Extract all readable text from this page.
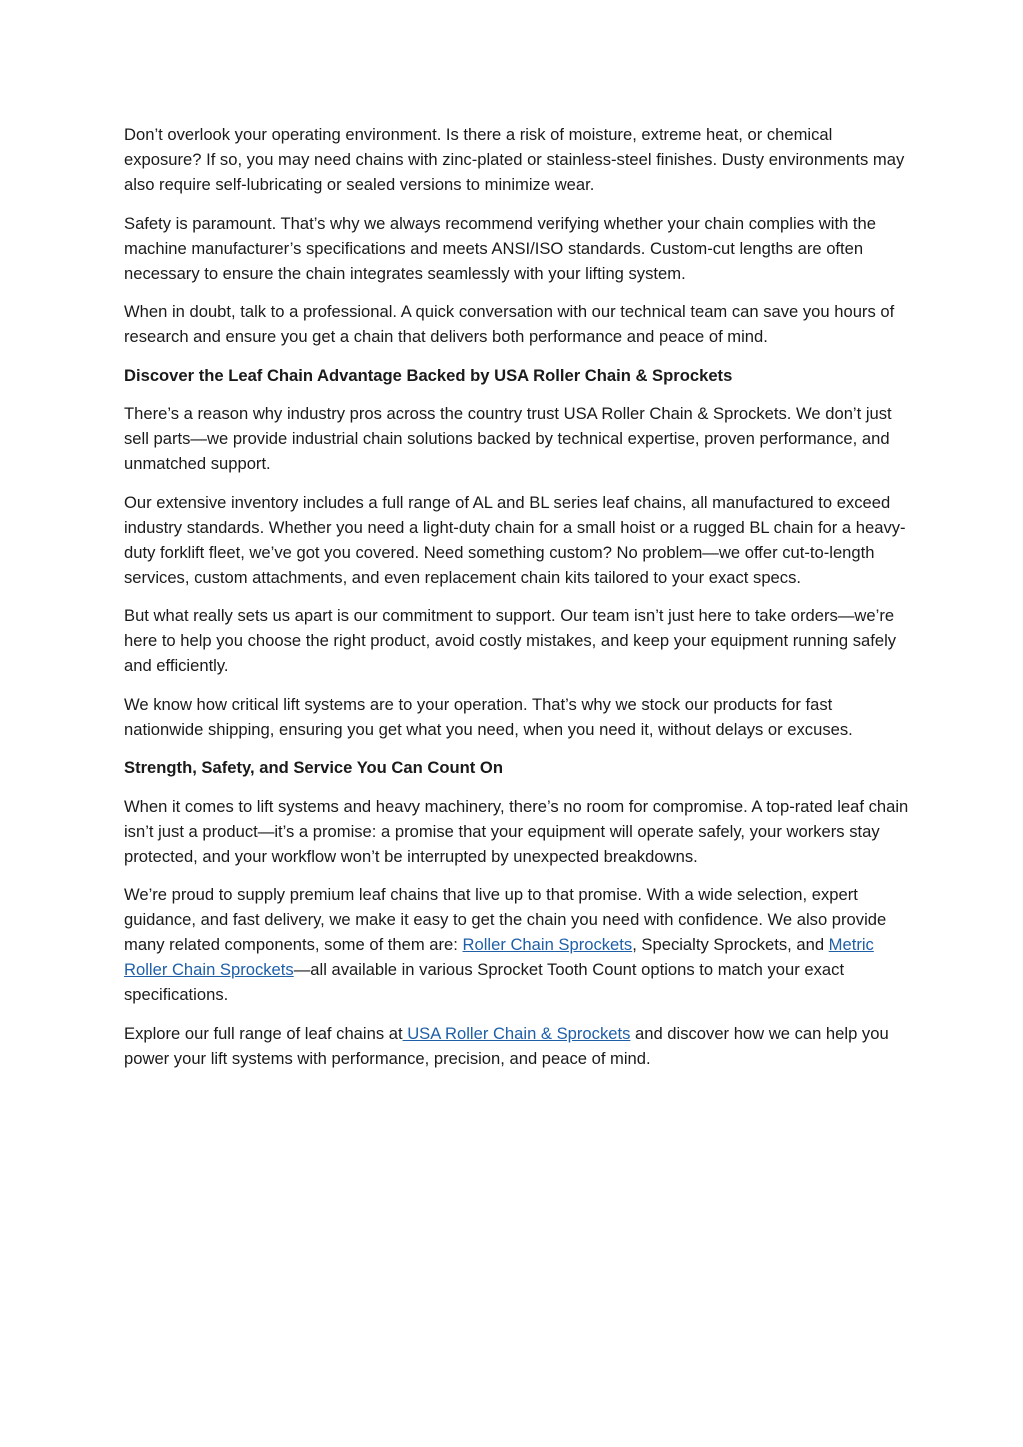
Don’t overlook your operating environment. Is there a risk of moisture, extreme heat, or chemical exposure? If so, you may need chains with zinc-plated or stainless-steel finishes. Dusty environments may also require self-lubricating or sealed versions to minimize wear.

Safety is paramount. That’s why we always recommend verifying whether your chain complies with the machine manufacturer’s specifications and meets ANSI/ISO standards. Custom-cut lengths are often necessary to ensure the chain integrates seamlessly with your lifting system.

When in doubt, talk to a professional. A quick conversation with our technical team can save you hours of research and ensure you get a chain that delivers both performance and peace of mind.

Discover the Leaf Chain Advantage Backed by USA Roller Chain & Sprockets

There’s a reason why industry pros across the country trust USA Roller Chain & Sprockets. We don’t just sell parts—we provide industrial chain solutions backed by technical expertise, proven performance, and unmatched support.

Our extensive inventory includes a full range of AL and BL series leaf chains, all manufactured to exceed industry standards. Whether you need a light-duty chain for a small hoist or a rugged BL chain for a heavy-duty forklift fleet, we’ve got you covered. Need something custom? No problem—we offer cut-to-length services, custom attachments, and even replacement chain kits tailored to your exact specs.

But what really sets us apart is our commitment to support. Our team isn’t just here to take orders—we’re here to help you choose the right product, avoid costly mistakes, and keep your equipment running safely and efficiently.

We know how critical lift systems are to your operation. That’s why we stock our products for fast nationwide shipping, ensuring you get what you need, when you need it, without delays or excuses.

Strength, Safety, and Service You Can Count On

When it comes to lift systems and heavy machinery, there’s no room for compromise. A top-rated leaf chain isn’t just a product—it’s a promise: a promise that your equipment will operate safely, your workers stay protected, and your workflow won’t be interrupted by unexpected breakdowns.

We’re proud to supply premium leaf chains that live up to that promise. With a wide selection, expert guidance, and fast delivery, we make it easy to get the chain you need with confidence. We also provide many related components, some of them are: Roller Chain Sprockets, Specialty Sprockets, and Metric Roller Chain Sprockets—all available in various Sprocket Tooth Count options to match your exact specifications.

Explore our full range of leaf chains at USA Roller Chain & Sprockets and discover how we can help you power your lift systems with performance, precision, and peace of mind.
